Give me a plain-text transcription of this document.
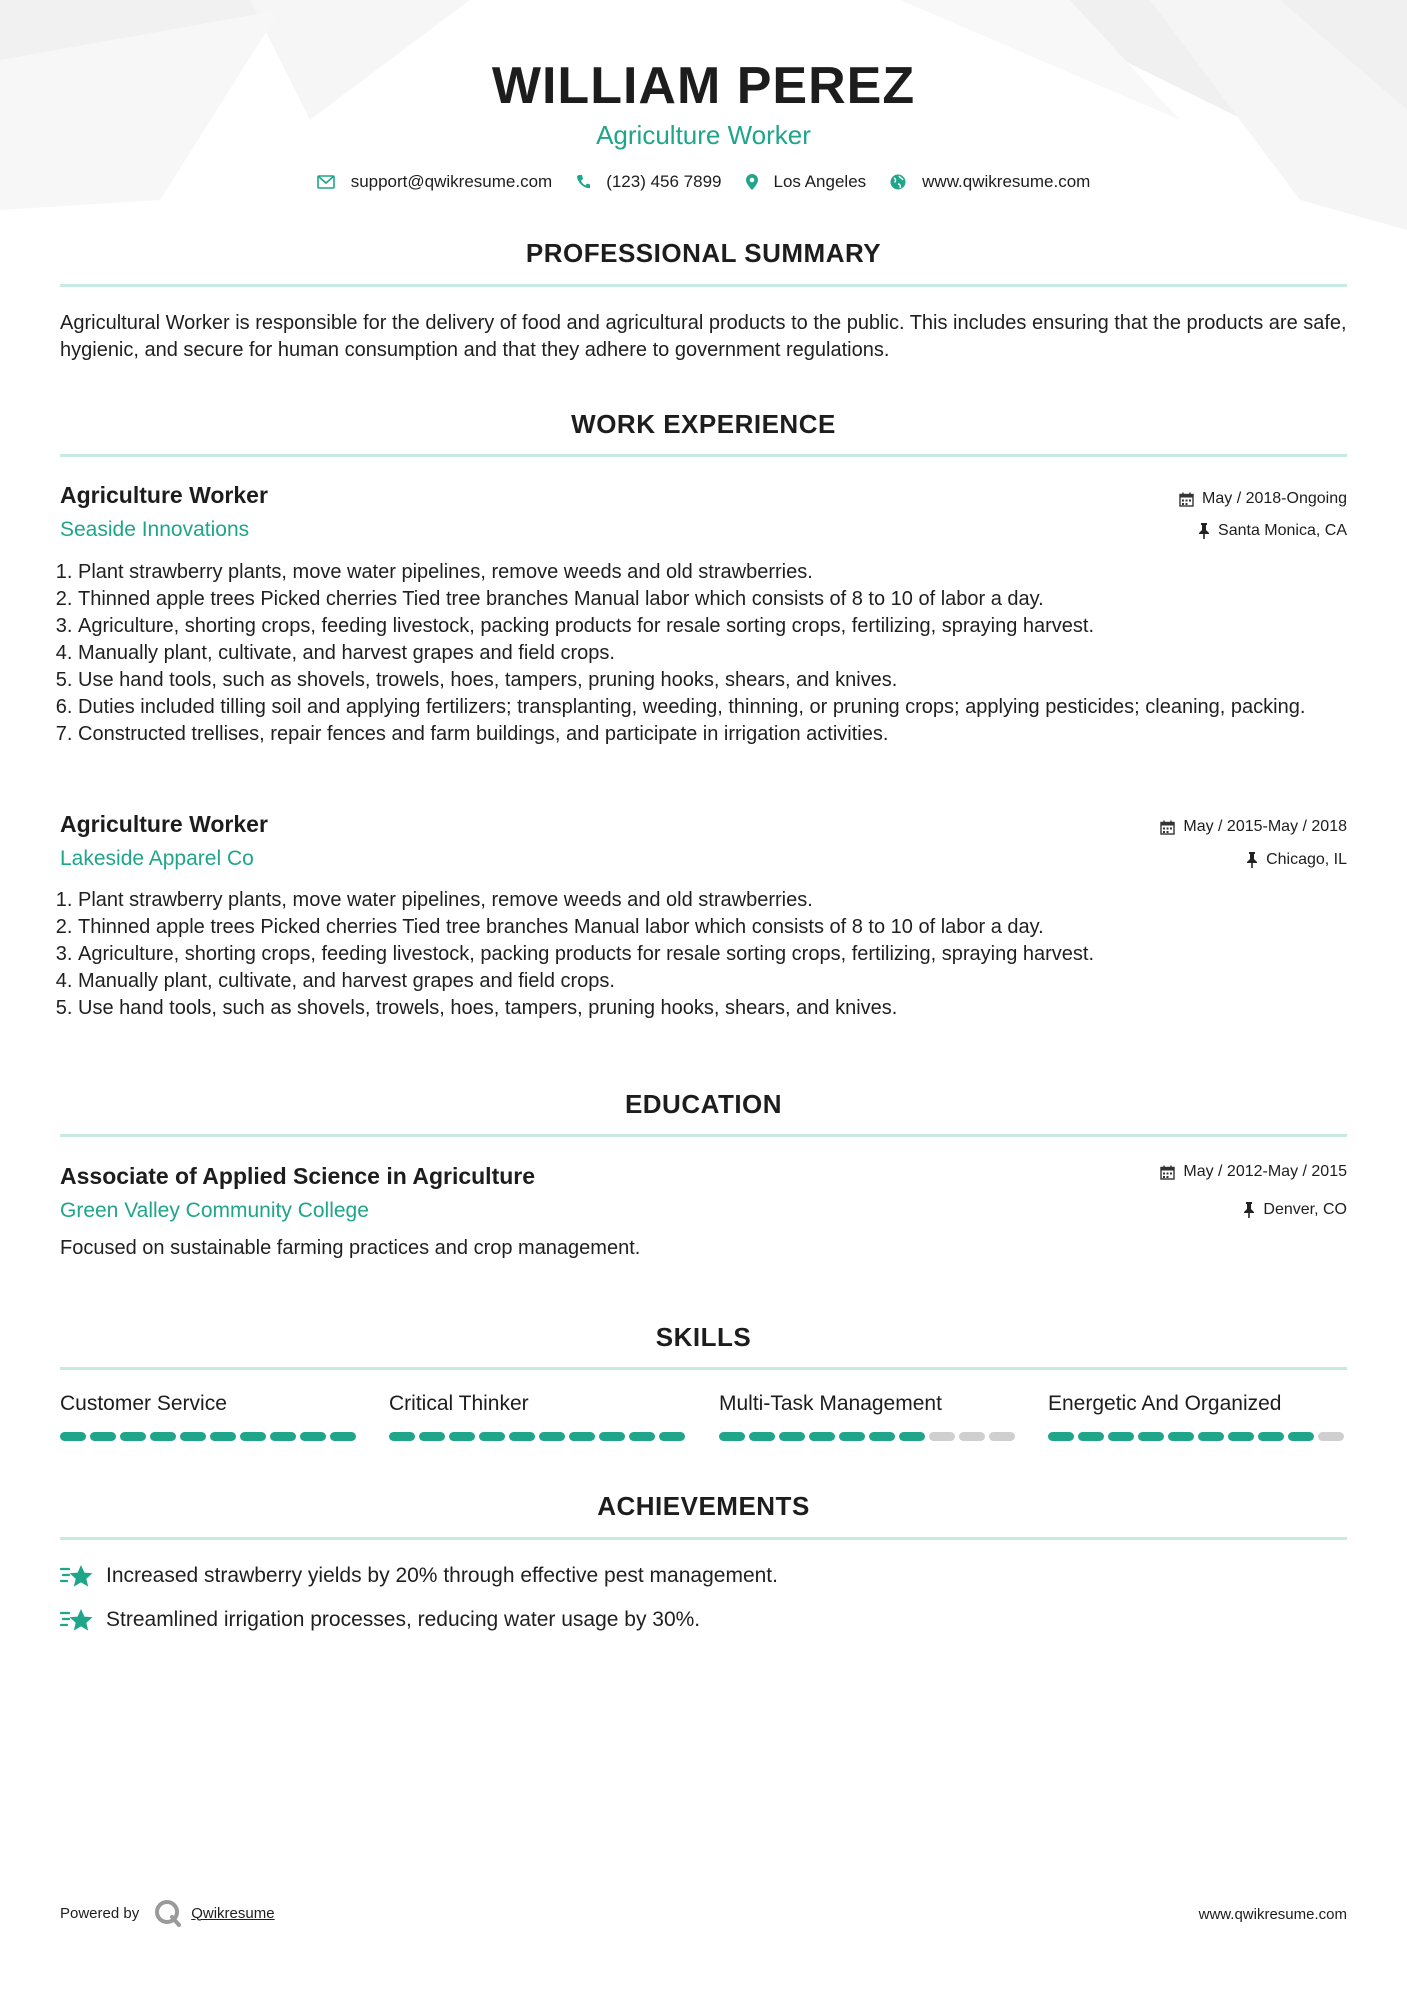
WILLIAM PEREZ
Agriculture Worker
support@qwikresume.com	(123) 456 7899	Los Angeles	www.qwikresume.com
PROFESSIONAL SUMMARY
Agricultural Worker is responsible for the delivery of food and agricultural products to the public. This includes ensuring that the products are safe, hygienic, and secure for human consumption and that they adhere to government regulations.
WORK EXPERIENCE
Agriculture Worker
Seaside Innovations
May / 2018-Ongoing
Santa Monica, CA
1. Plant strawberry plants, move water pipelines, remove weeds and old strawberries.
2. Thinned apple trees Picked cherries Tied tree branches Manual labor which consists of 8 to 10 of labor a day.
3. Agriculture, shorting crops, feeding livestock, packing products for resale sorting crops, fertilizing, spraying harvest.
4. Manually plant, cultivate, and harvest grapes and field crops.
5. Use hand tools, such as shovels, trowels, hoes, tampers, pruning hooks, shears, and knives.
6. Duties included tilling soil and applying fertilizers; transplanting, weeding, thinning, or pruning crops; applying pesticides; cleaning, packing.
7. Constructed trellises, repair fences and farm buildings, and participate in irrigation activities.
Agriculture Worker
Lakeside Apparel Co
May / 2015-May / 2018
Chicago, IL
1. Plant strawberry plants, move water pipelines, remove weeds and old strawberries.
2. Thinned apple trees Picked cherries Tied tree branches Manual labor which consists of 8 to 10 of labor a day.
3. Agriculture, shorting crops, feeding livestock, packing products for resale sorting crops, fertilizing, spraying harvest.
4. Manually plant, cultivate, and harvest grapes and field crops.
5. Use hand tools, such as shovels, trowels, hoes, tampers, pruning hooks, shears, and knives.
EDUCATION
Associate of Applied Science in Agriculture
Green Valley Community College
May / 2012-May / 2015
Denver, CO
Focused on sustainable farming practices and crop management.
SKILLS
Customer Service	Critical Thinker	Multi-Task Management	Energetic And Organized
ACHIEVEMENTS
Increased strawberry yields by 20% through effective pest management.
Streamlined irrigation processes, reducing water usage by 30%.
Powered by	Qwikresume	www.qwikresume.com
